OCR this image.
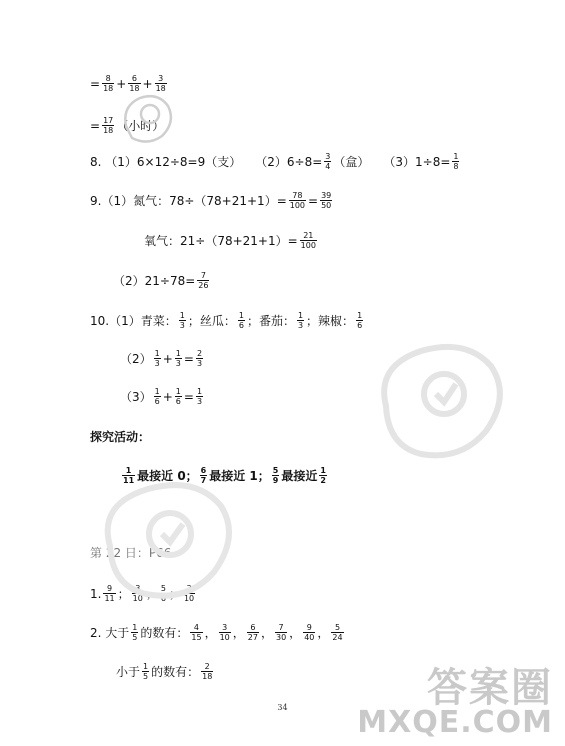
= $\frac{8}{18} + \frac{6}{18} + \frac{3}{18}$
= $\frac{17}{18}$ （小时）
8. （1）6×12÷8=9（支） $(2)6\div 8= \frac{3}{4}$ （盒） $(3)1\div 8= \frac{1}{8}$
9.（1）氮气：$78\div(78+21+1)= \frac{78}{100} = \frac{39}{50}$
氧气：$21\div(78+21+1)= \frac{21}{100}$
$(2)21\div 78= \frac{7}{26}$
10.（1）青菜： $\frac{1}{3}$ ；丝瓜： $\frac{1}{6}$ ；番茄： $\frac{1}{3}$ ；辣椒： $\frac{1}{6}$
$(2) \frac{1}{3} + \frac{1}{3} = \frac{2}{3}$
$(3) \frac{1}{6} + \frac{1}{6} = \frac{1}{3}$
探究活动：
$\frac{1}{11}$ 最接近 0； $\frac{6}{7}$ 最接近 1； $\frac{5}{9}$ 最接近 $\frac{1}{2}$
第 22 日：P66
1. $\frac{9}{11}$ ； $\frac{3}{10}$ ； $\frac{5}{6}$ ； $\frac{3}{10}$
2. 大于 $\frac{1}{5}$ 的数有： $\frac{4}{15}$ ， $\frac{3}{10}$ ， $\frac{6}{27}$ ， $\frac{7}{30}$ ， $\frac{9}{40}$ ， $\frac{5}{24}$
小于 $\frac{1}{5}$ 的数有： $\frac{2}{18}$
34	答案圈
MXQE.COM
